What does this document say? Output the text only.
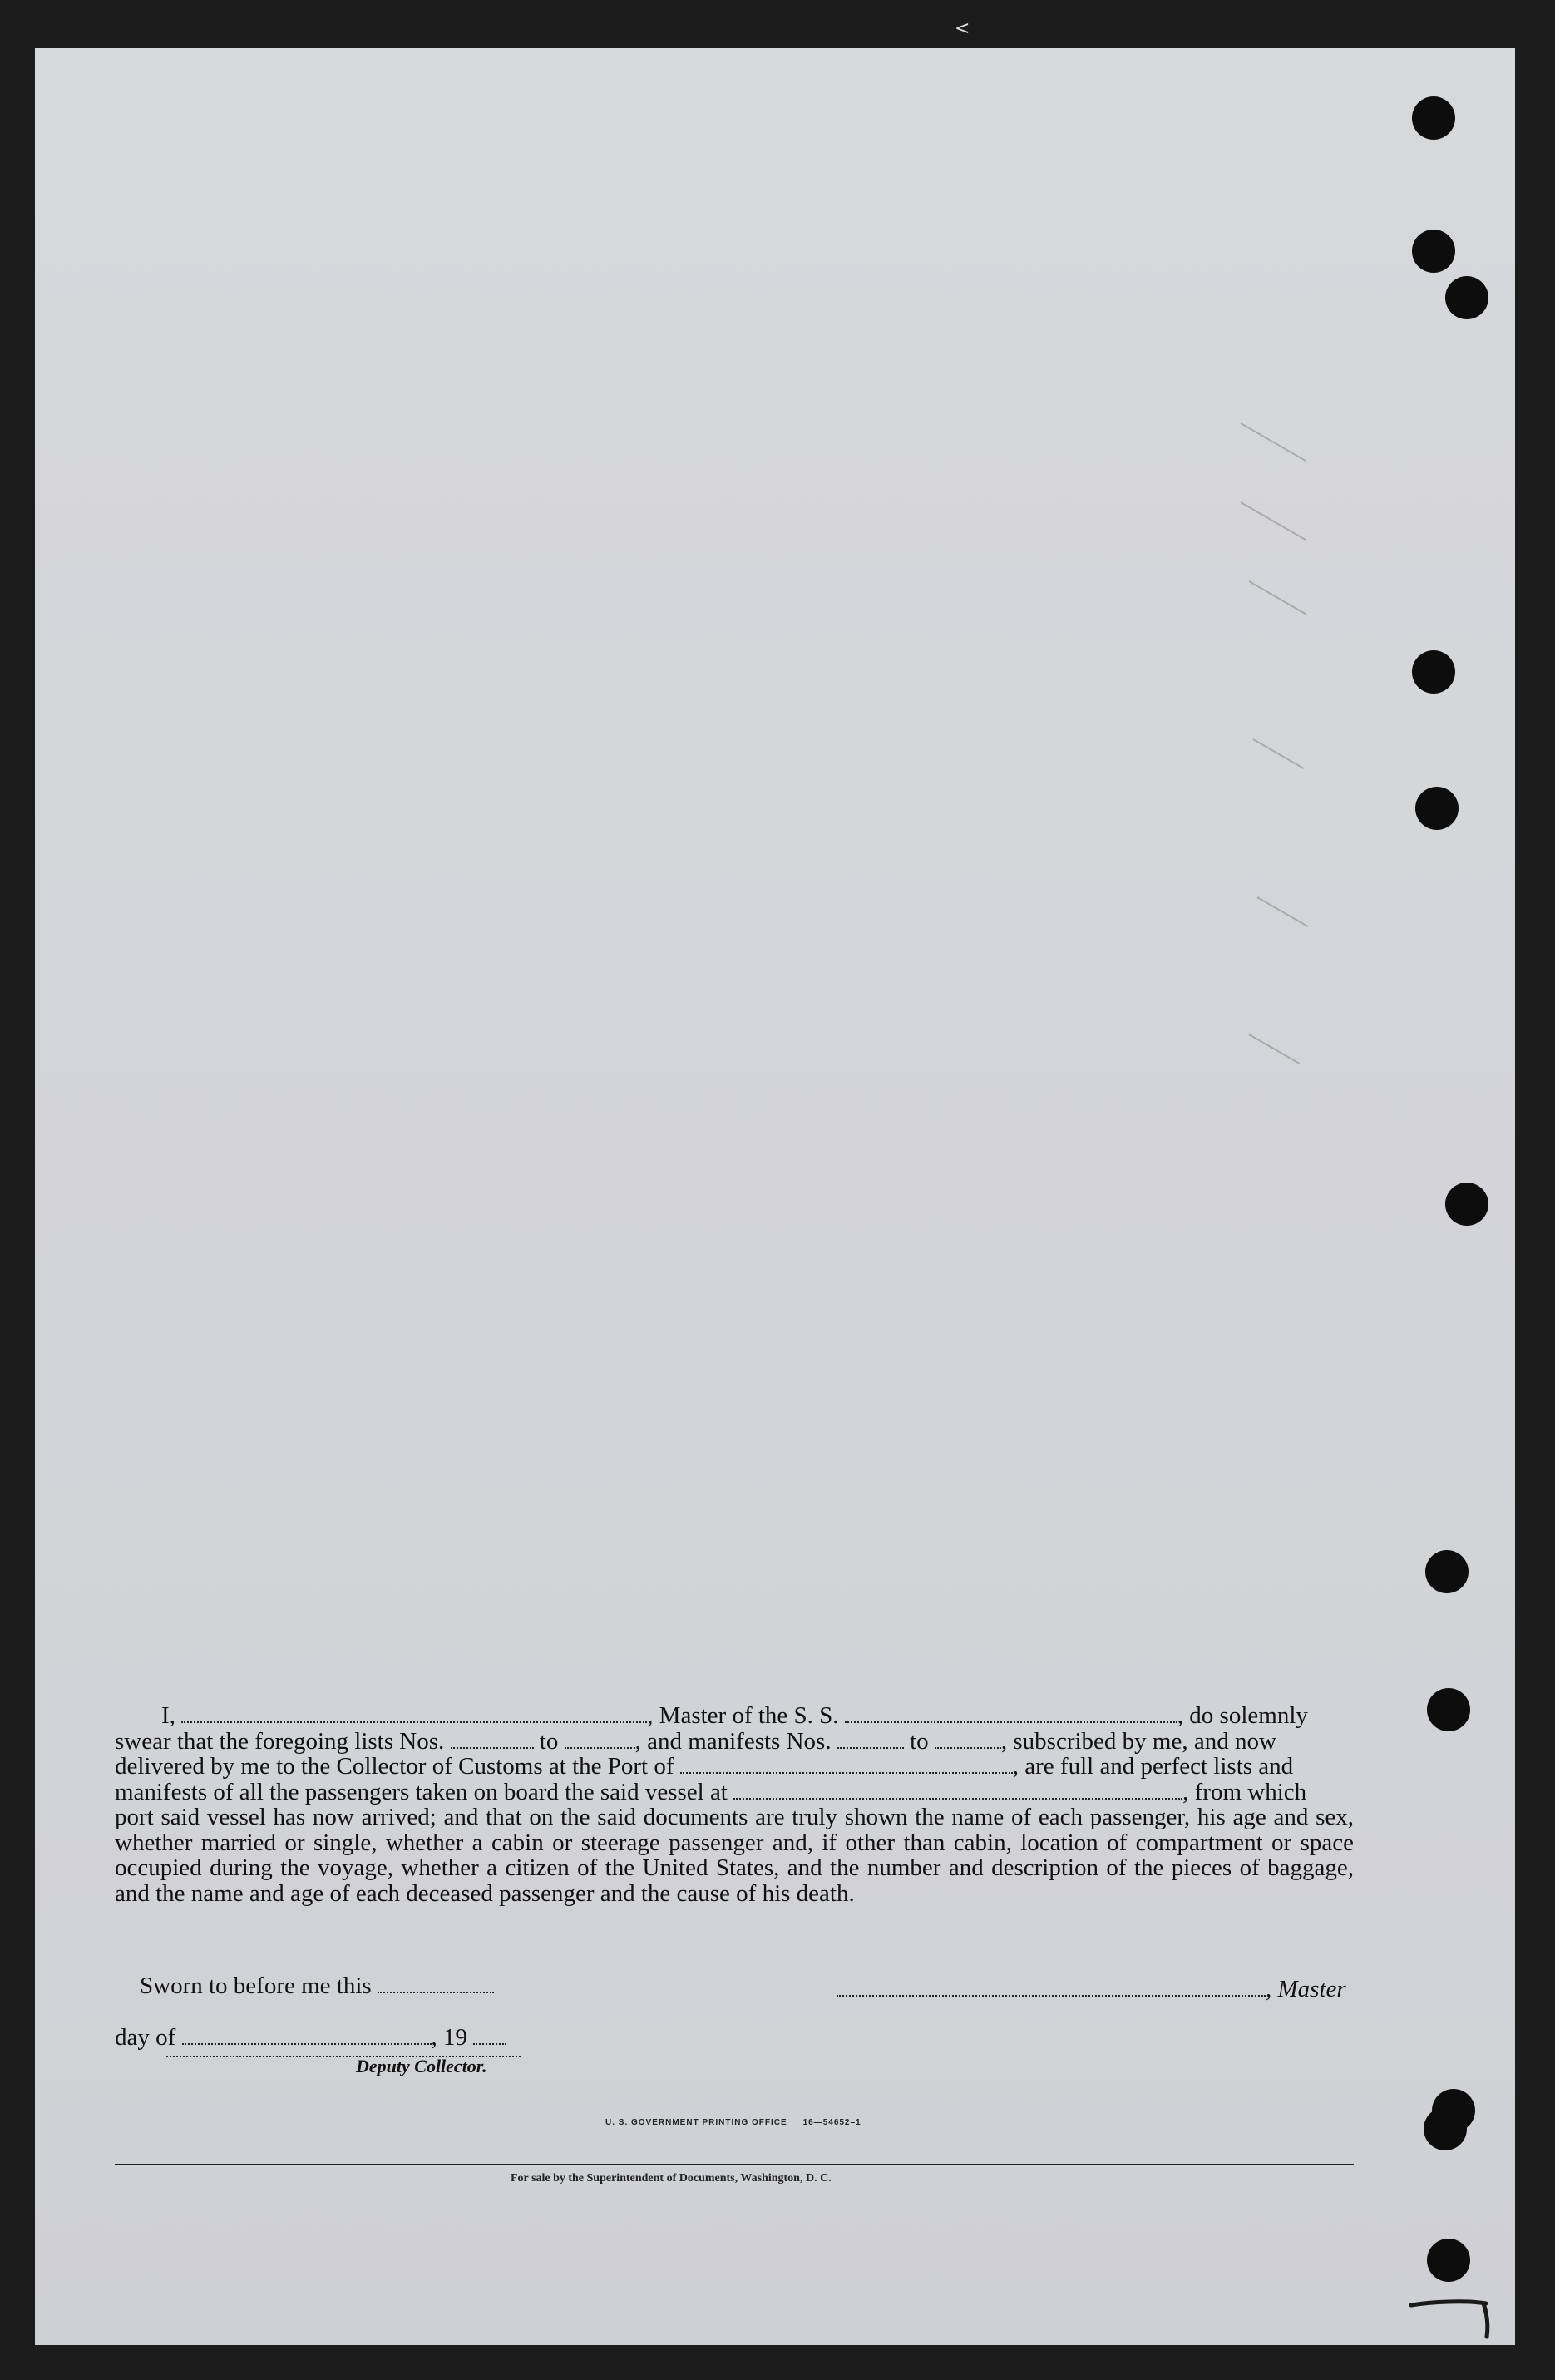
<
I,	, Master of the S. S.	, do solemnly
swear that the foregoing lists Nos.	to	, and manifests Nos.	to	, subscribed by me, and now
delivered by me to the Collector of Customs at the Port of	, are full and perfect lists and
manifests of all the passengers taken on board the said vessel at	, from which
port said vessel has now arrived; and that on the said documents are truly shown the name of each passenger, his age and sex, whether married or single, whether a cabin or steerage passenger and, if other than cabin, location of compartment or space occupied during the voyage, whether a citizen of the United States, and the number and description of the pieces of baggage, and the name and age of each deceased passenger and the cause of his death.
Sworn to before me this	, Master
day of	, 19
Deputy Collector.
U. S. GOVERNMENT PRINTING OFFICE     16—54652–1
For sale by the Superintendent of Documents, Washington, D. C.
